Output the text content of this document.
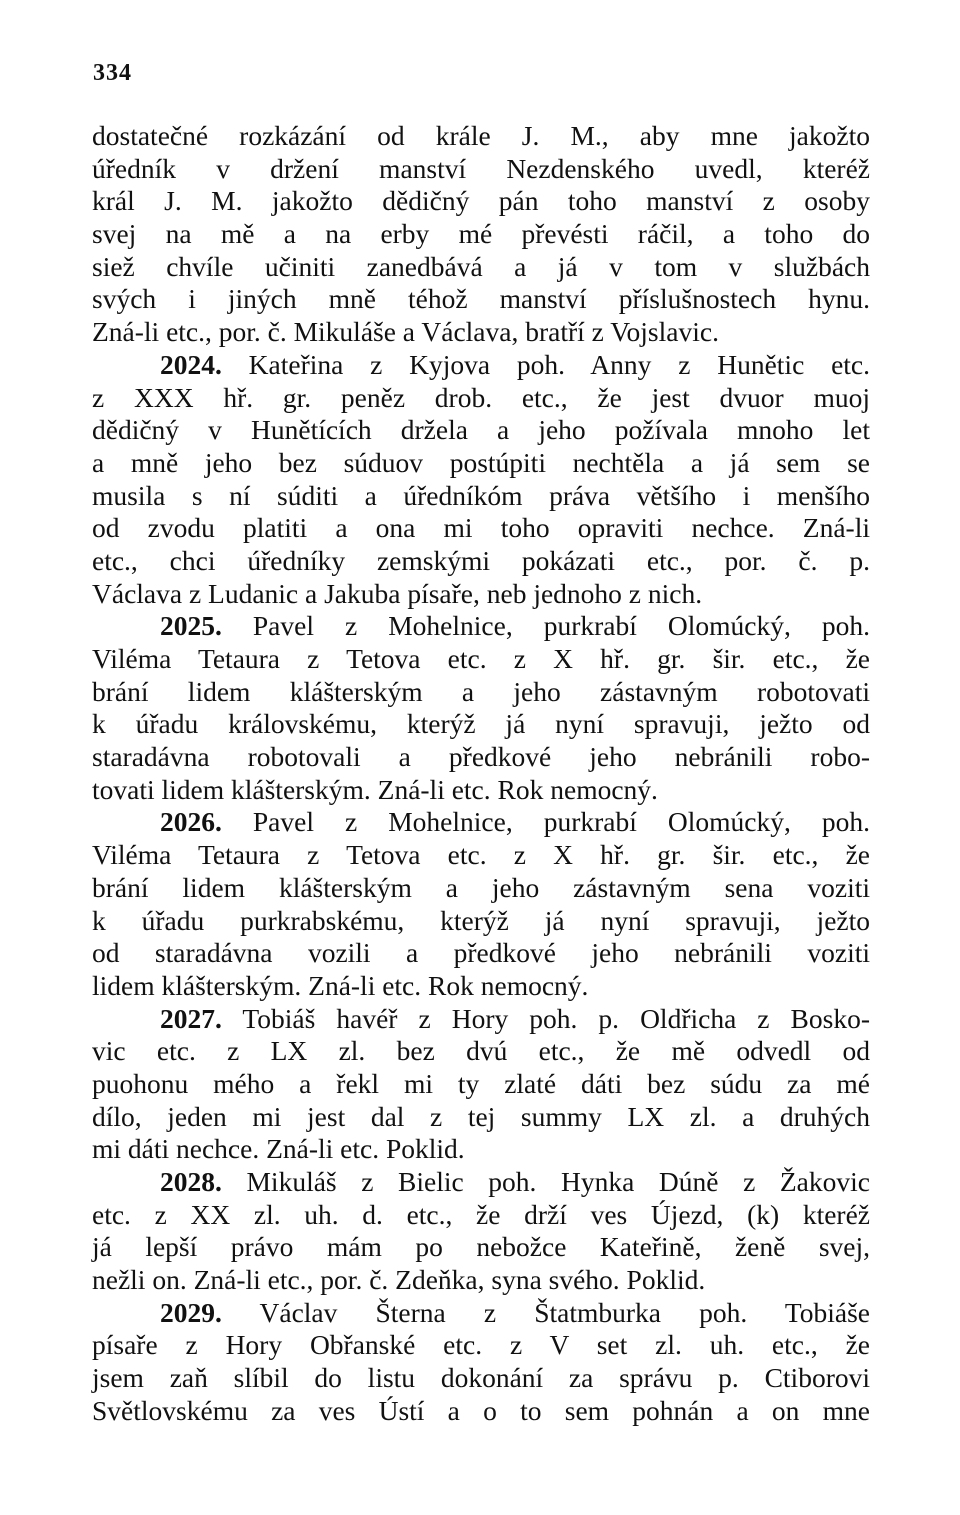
334
dostatečné rozkázání od krále J. M., aby mne jakožto
úředník v držení manství Nezdenského uvedl, kteréž
král J. M. jakožto dědičný pán toho manství z osoby
svej na mě a na erby mé převésti ráčil, a toho do
siež chvíle učiniti zanedbává a já v tom v službách
svých i jiných mně téhož manství příslušnostech hynu.
Zná-li etc., por. č. Mikuláše a Václava, bratří z Vojslavic.
2024. Kateřina z Kyjova poh. Anny z Hunětic etc.
z XXX hř. gr. peněz drob. etc., že jest dvuor muoj
dědičný v Hunětících držela a jeho požívala mnoho let
a mně jeho bez súduov postúpiti nechtěla a já sem se
musila s ní súditi a úředníkóm práva většího i menšího
od zvodu platiti a ona mi toho opraviti nechce. Zná-li
etc., chci úředníky zemskými pokázati etc., por. č. p.
Václava z Ludanic a Jakuba písaře, neb jednoho z nich.
2025. Pavel z Mohelnice, purkrabí Olomúcký, poh.
Viléma Tetaura z Tetova etc. z X hř. gr. šir. etc., že
brání lidem klášterským a jeho zástavným robotovati
k úřadu královskému, kterýž já nyní spravuji, ježto od
staradávna robotovali a předkové jeho nebránili robo-
tovati lidem klášterským. Zná-li etc. Rok nemocný.
2026. Pavel z Mohelnice, purkrabí Olomúcký, poh.
Viléma Tetaura z Tetova etc. z X hř. gr. šir. etc., že
brání lidem klášterským a jeho zástavným sena voziti
k úřadu purkrabskému, kterýž já nyní spravuji, ježto
od staradávna vozili a předkové jeho nebránili voziti
lidem klášterským. Zná-li etc. Rok nemocný.
2027. Tobiáš havéř z Hory poh. p. Oldřicha z Bosko-
vic etc. z LX zl. bez dvú etc., že mě odvedl od
puohonu mého a řekl mi ty zlaté dáti bez súdu za mé
dílo, jeden mi jest dal z tej summy LX zl. a druhých
mi dáti nechce. Zná-li etc. Poklid.
2028. Mikuláš z Bielic poh. Hynka Dúně z Žakovic
etc. z XX zl. uh. d. etc., že drží ves Újezd, (k) kteréž
já lepší právo mám po nebožce Kateřině, ženě svej,
nežli on. Zná-li etc., por. č. Zdeňka, syna svého. Poklid.
2029. Václav Šterna z Štatmburka poh. Tobiáše
písaře z Hory Obřanské etc. z V set zl. uh. etc., že
jsem zaň slíbil do listu dokonání za správu p. Ctiborovi
Světlovskému za ves Ústí a o to sem pohnán a on mne
